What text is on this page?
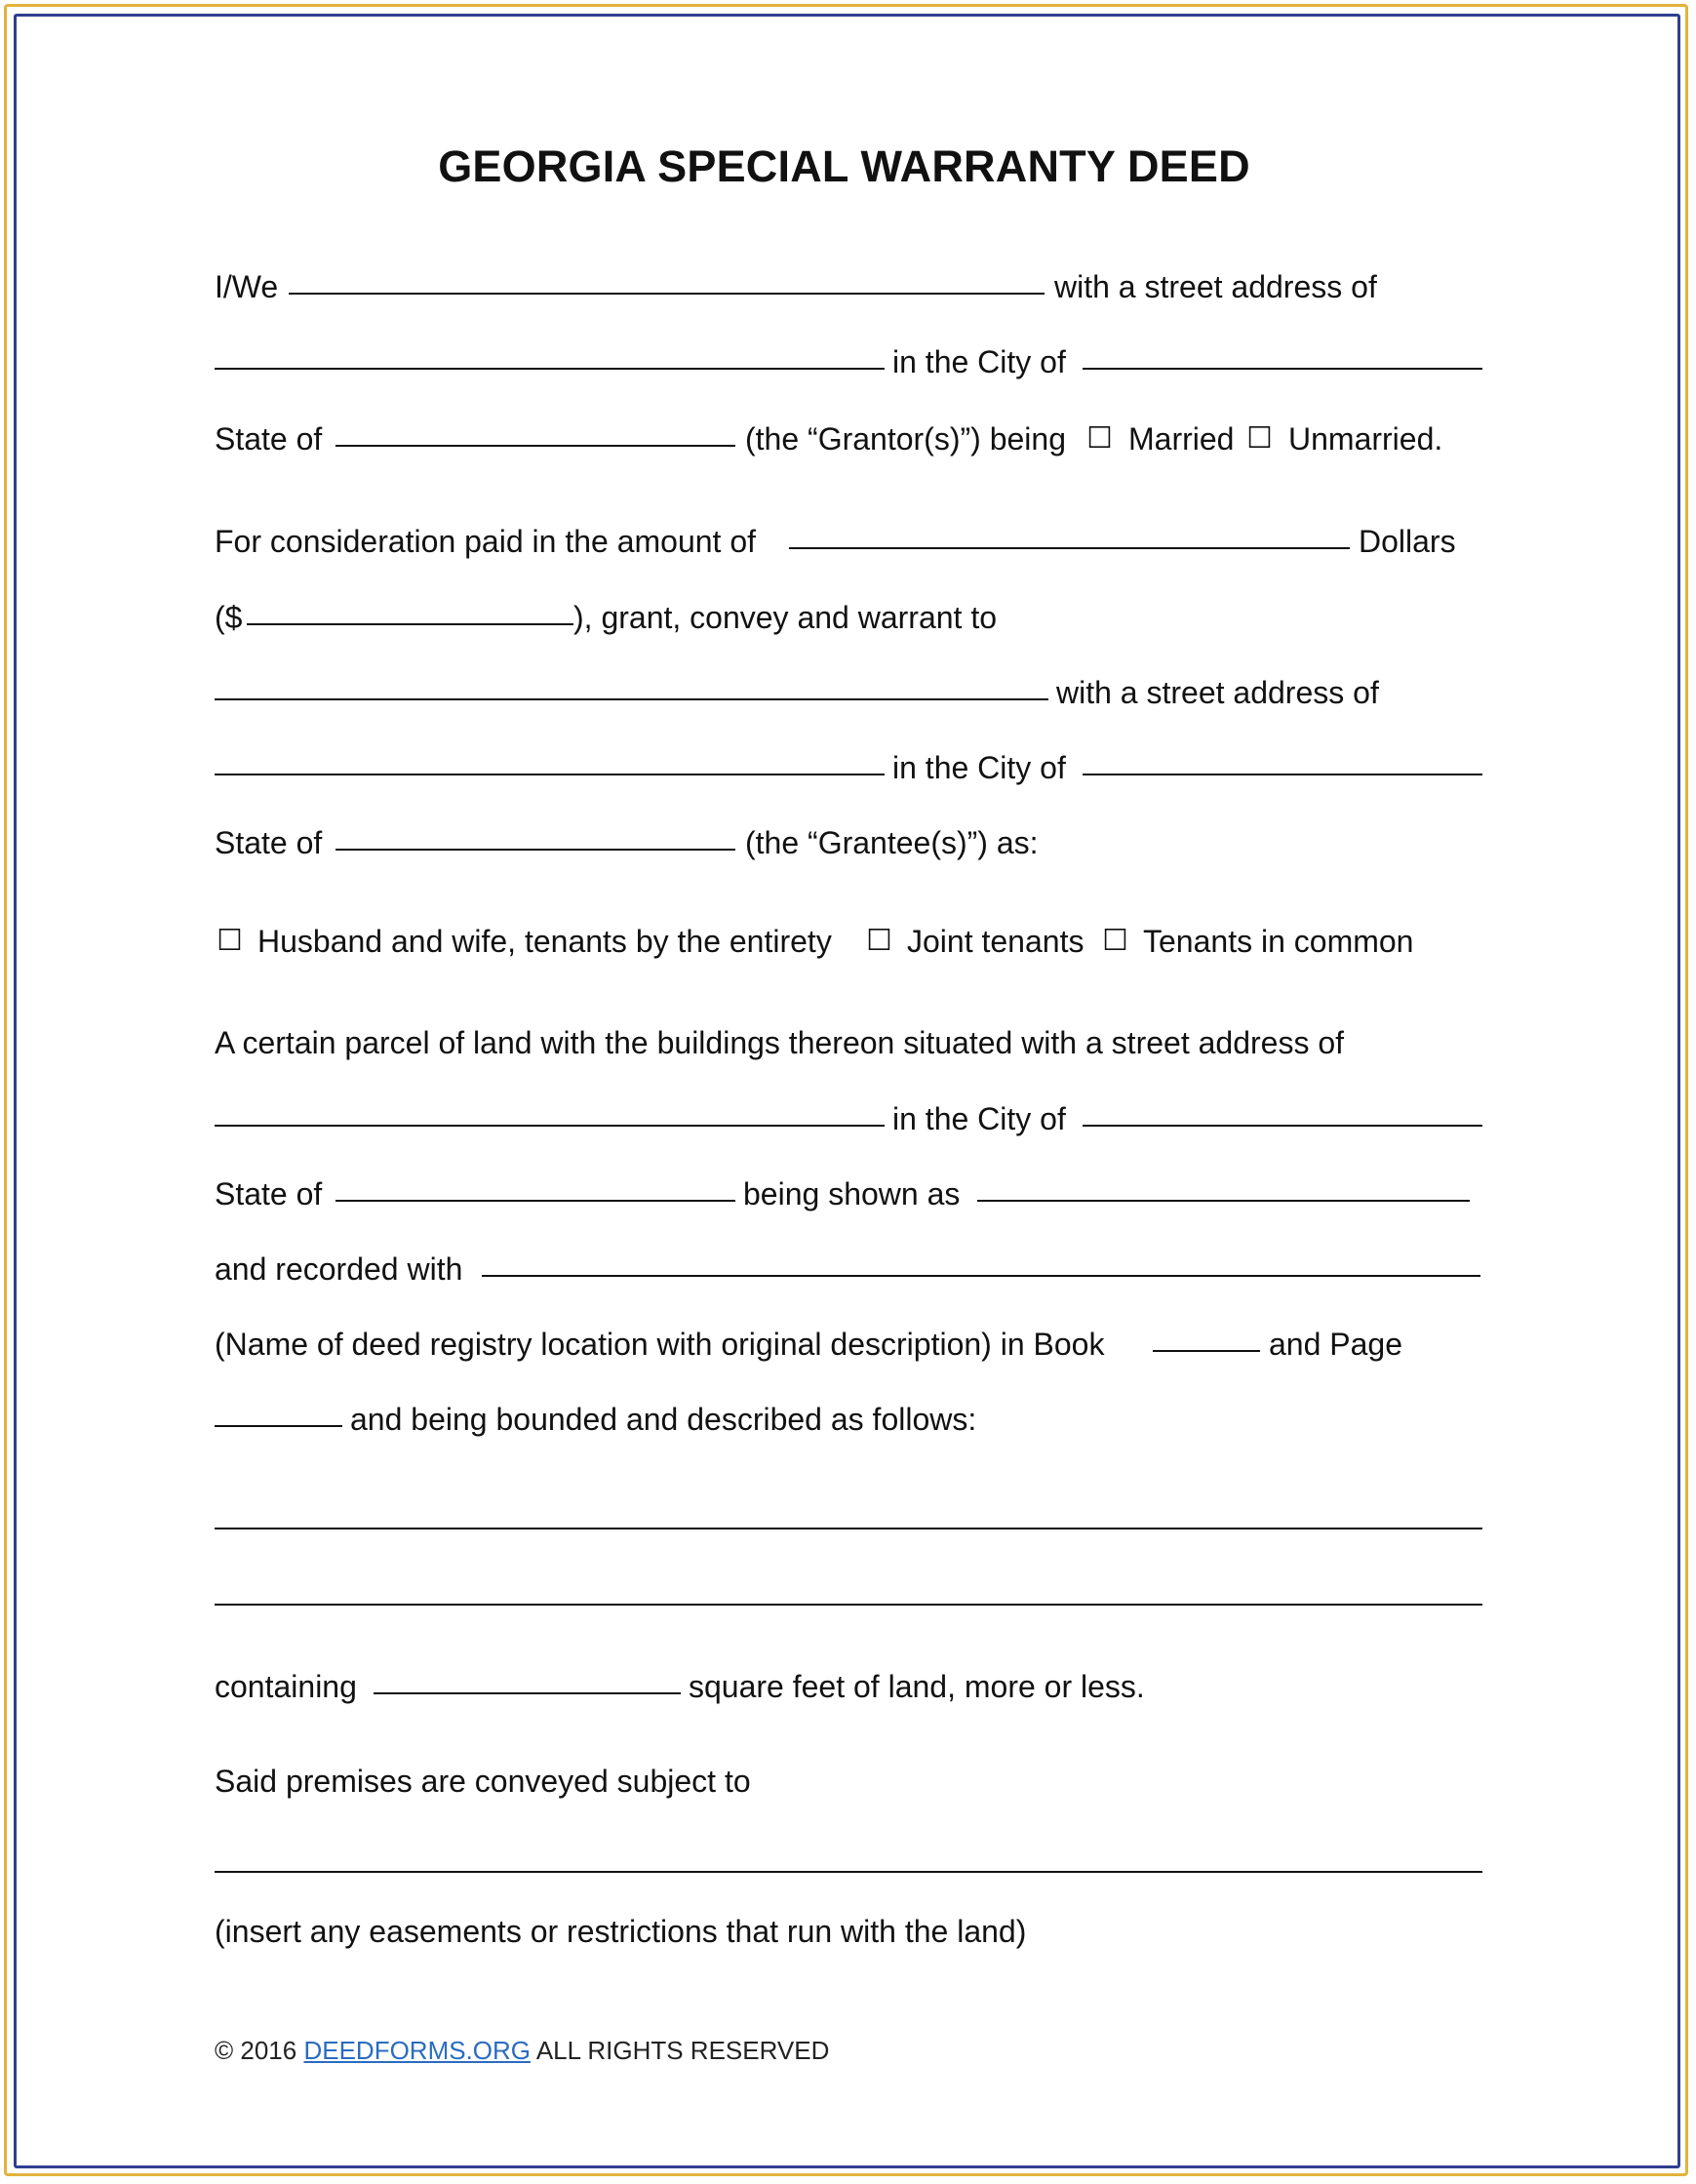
GEORGIA SPECIAL WARRANTY DEED
I/We	with a street address of
in the City of
State of	(the “Grantor(s)”) being ☐ Married ☐ Unmarried.
For consideration paid in the amount of	Dollars
($	), grant, convey and warrant to
with a street address of
in the City of
State of	(the “Grantee(s)”) as:
☐ Husband and wife, tenants by the entirety ☐ Joint tenants ☐ Tenants in common
A certain parcel of land with the buildings thereon situated with a street address of
in the City of
State of	being shown as
and recorded with
(Name of deed registry location with original description) in Book	and Page
and being bounded and described as follows:
containing	square feet of land, more or less.
Said premises are conveyed subject to
(insert any easements or restrictions that run with the land)
© 2016 DEEDFORMS.ORG ALL RIGHTS RESERVED
